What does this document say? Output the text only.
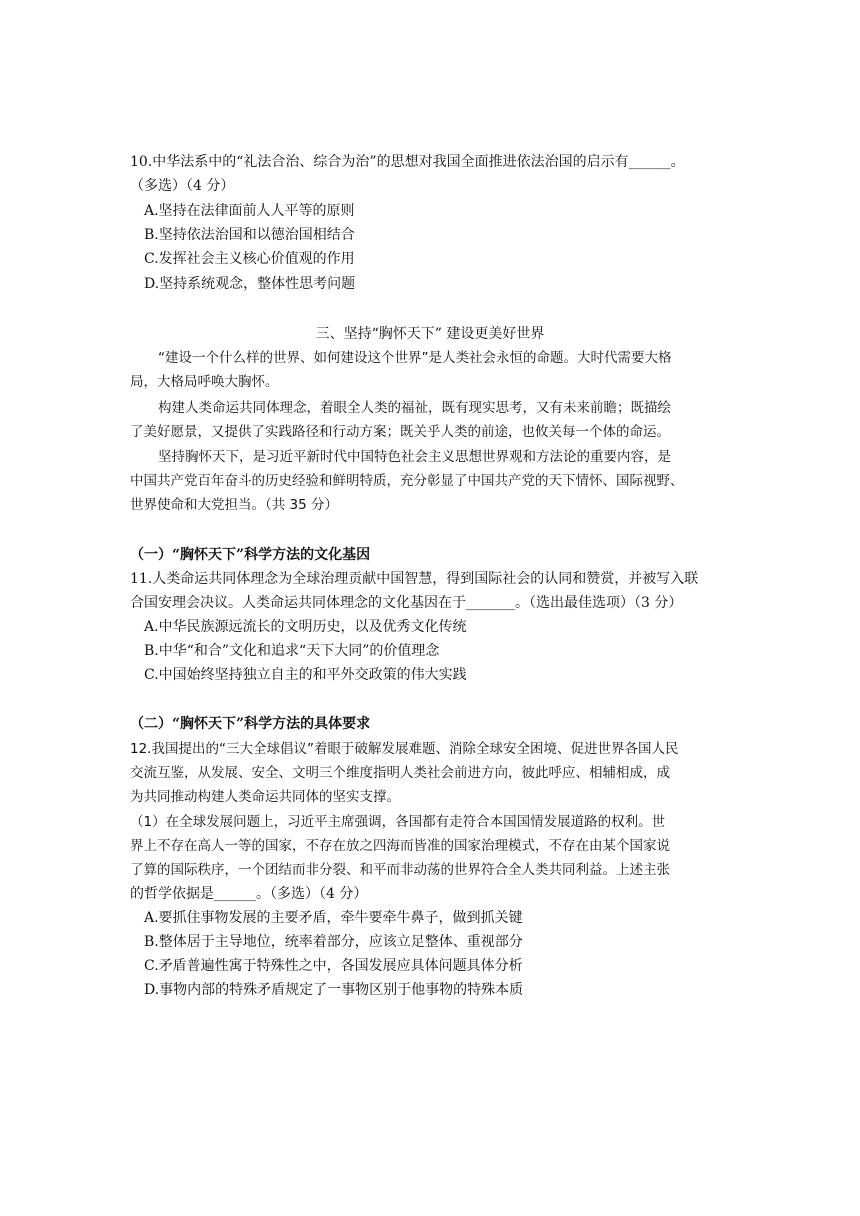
10.中华法系中的“礼法合治、综合为治”的思想对我国全面推进依法治国的启示有______。
（多选）（4 分）
A.坚持在法律面前人人平等的原则
B.坚持依法治国和以德治国相结合
C.发挥社会主义核心价值观的作用
D.坚持系统观念，整体性思考问题
三、坚持“胸怀天下” 建设更美好世界
“建设一个什么样的世界、如何建设这个世界”是人类社会永恒的命题。大时代需要大格
局，大格局呼唤大胸怀。
构建人类命运共同体理念，着眼全人类的福祉，既有现实思考，又有未来前瞻；既描绘
了美好愿景，又提供了实践路径和行动方案；既关乎人类的前途，也攸关每一个体的命运。
坚持胸怀天下，是习近平新时代中国特色社会主义思想世界观和方法论的重要内容，是
中国共产党百年奋斗的历史经验和鲜明特质，充分彰显了中国共产党的天下情怀、国际视野、
世界使命和大党担当。（共 35 分）
（一）“胸怀天下”科学方法的文化基因
11.人类命运共同体理念为全球治理贡献中国智慧，得到国际社会的认同和赞赏，并被写入联
合国安理会决议。人类命运共同体理念的文化基因在于_______。（选出最佳选项）（3 分）
A.中华民族源远流长的文明历史，以及优秀文化传统
B.中华“和合”文化和追求“天下大同”的价值理念
C.中国始终坚持独立自主的和平外交政策的伟大实践
（二）“胸怀天下”科学方法的具体要求
12.我国提出的“三大全球倡议”着眼于破解发展难题、消除全球安全困境、促进世界各国人民
交流互鉴，从发展、安全、文明三个维度指明人类社会前进方向，彼此呼应、相辅相成，成
为共同推动构建人类命运共同体的坚实支撑。
（1）在全球发展问题上，习近平主席强调，各国都有走符合本国国情发展道路的权利。世
界上不存在高人一等的国家，不存在放之四海而皆准的国家治理模式，不存在由某个国家说
了算的国际秩序，一个团结而非分裂、和平而非动荡的世界符合全人类共同利益。上述主张
的哲学依据是______。（多选）（4 分）
A.要抓住事物发展的主要矛盾，牵牛要牵牛鼻子，做到抓关键
B.整体居于主导地位，统率着部分，应该立足整体、重视部分
C.矛盾普遍性寓于特殊性之中，各国发展应具体问题具体分析
D.事物内部的特殊矛盾规定了一事物区别于他事物的特殊本质
